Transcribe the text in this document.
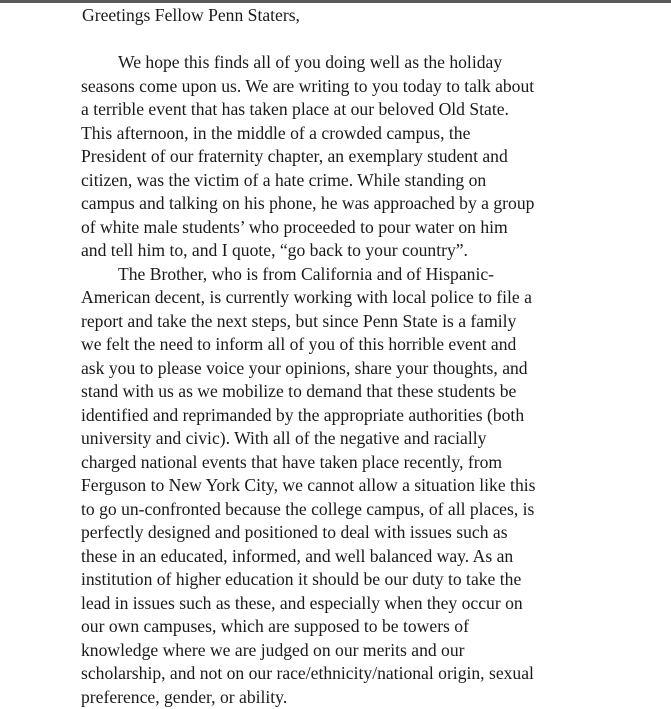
Greetings Fellow Penn Staters,

We hope this finds all of you doing well as the holiday
seasons come upon us. We are writing to you today to talk about
a terrible event that has taken place at our beloved Old State.
This afternoon, in the middle of a crowded campus, the
President of our fraternity chapter, an exemplary student and
citizen, was the victim of a hate crime. While standing on
campus and talking on his phone, he was approached by a group
of white male students’ who proceeded to pour water on him
and tell him to, and I quote, “go back to your country”.

The Brother, who is from California and of Hispanic-
American decent, is currently working with local police to file a
report and take the next steps, but since Penn State is a family
we felt the need to inform all of you of this horrible event and
ask you to please voice your opinions, share your thoughts, and
stand with us as we mobilize to demand that these students be
identified and reprimanded by the appropriate authorities (both
university and civic). With all of the negative and racially
charged national events that have taken place recently, from
Ferguson to New York City, we cannot allow a situation like this
to go un-confronted because the college campus, of all places, is
perfectly designed and positioned to deal with issues such as
these in an educated, informed, and well balanced way. As an
institution of higher education it should be our duty to take the
lead in issues such as these, and especially when they occur on
our own campuses, which are supposed to be towers of
knowledge where we are judged on our merits and our
scholarship, and not on our race/ethnicity/national origin, sexual
preference, gender, or ability.
